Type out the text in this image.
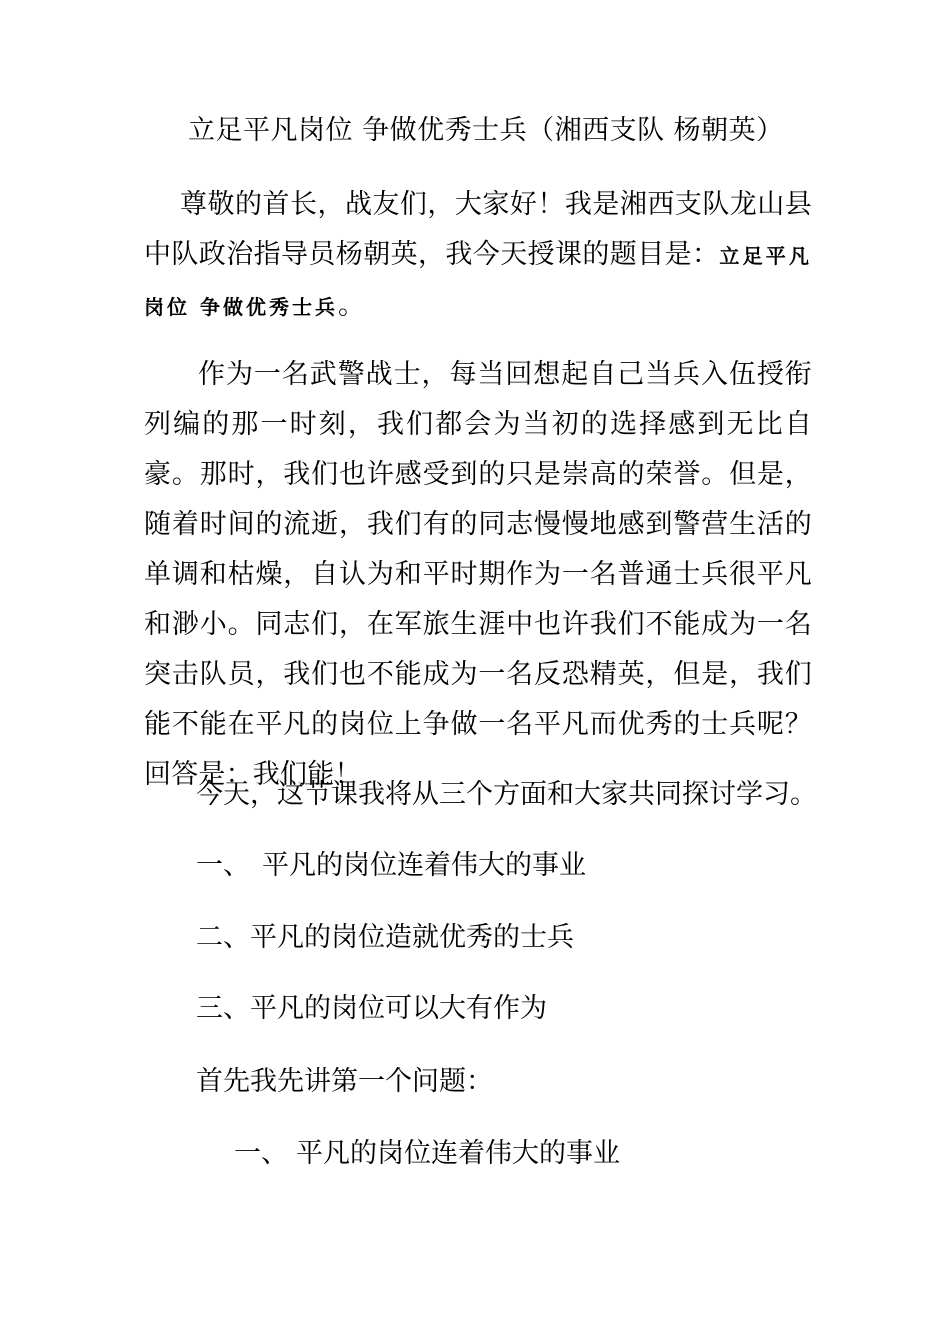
立足平凡岗位 争做优秀士兵（湘西支队 杨朝英）

尊敬的首长，战友们，大家好！我是湘西支队龙山县中队政治指导员杨朝英，我今天授课的题目是：立足平凡岗位 争做优秀士兵。

作为一名武警战士，每当回想起自己当兵入伍授衔列编的那一时刻，我们都会为当初的选择感到无比自豪。那时，我们也许感受到的只是崇高的荣誉。但是，随着时间的流逝，我们有的同志慢慢地感到警营生活的单调和枯燥，自认为和平时期作为一名普通士兵很平凡和渺小。同志们，在军旅生涯中也许我们不能成为一名突击队员，我们也不能成为一名反恐精英，但是，我们能不能在平凡的岗位上争做一名平凡而优秀的士兵呢？回答是：我们能！

今天，这节课我将从三个方面和大家共同探讨学习。
一、 平凡的岗位连着伟大的事业
二、平凡的岗位造就优秀的士兵
三、平凡的岗位可以大有作为
首先我先讲第一个问题：
一、 平凡的岗位连着伟大的事业
